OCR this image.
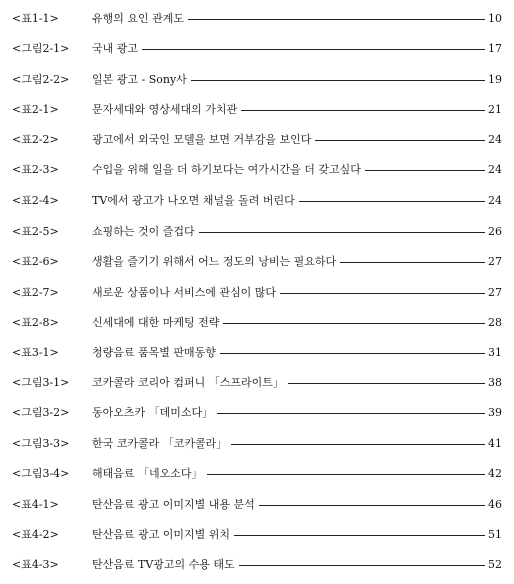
<표1-1>	유행의 요인 관계도	10
<그림2-1> 국내 광고	17
<그림2-2> 일본 광고 - Sony사	19
<표2-1>	문자세대와 영상세대의 가치관	21
<표2-2>	광고에서 외국인 모델을 보면 거부감을 보인다	24
<표2-3>	수입을 위해 일을 더 하기보다는 여가시간을 더 갖고싶다	24
<표2-4>	TV에서 광고가 나오면 채널을 돌려 버린다	24
<표2-5>	쇼핑하는 것이 즐겁다	26
<표2-6>	생활을 즐기기 위해서 어느 정도의 낭비는 필요하다	27
<표2-7>	새로운 상품이나 서비스에 관심이 많다	27
<표2-8>	신세대에 대한 마케팅 전략	28
<표3-1>	청량음료 품목별 판매동향	31
<그림3-1> 코카콜라 코리아 컴퍼니 「스프라이트」	38
<그림3-2> 동아오츠카 「데미소다」	39
<그림3-3> 한국 코카콜라 「코카콜라」	41
<그림3-4> 해태음료 「네오소다」	42
<표4-1>	탄산음료 광고 이미지별 내용 분석	46
<표4-2>	탄산음료 광고 이미지별 위치	51
<표4-3>	탄산음료 TV광고의 수용 태도	52
